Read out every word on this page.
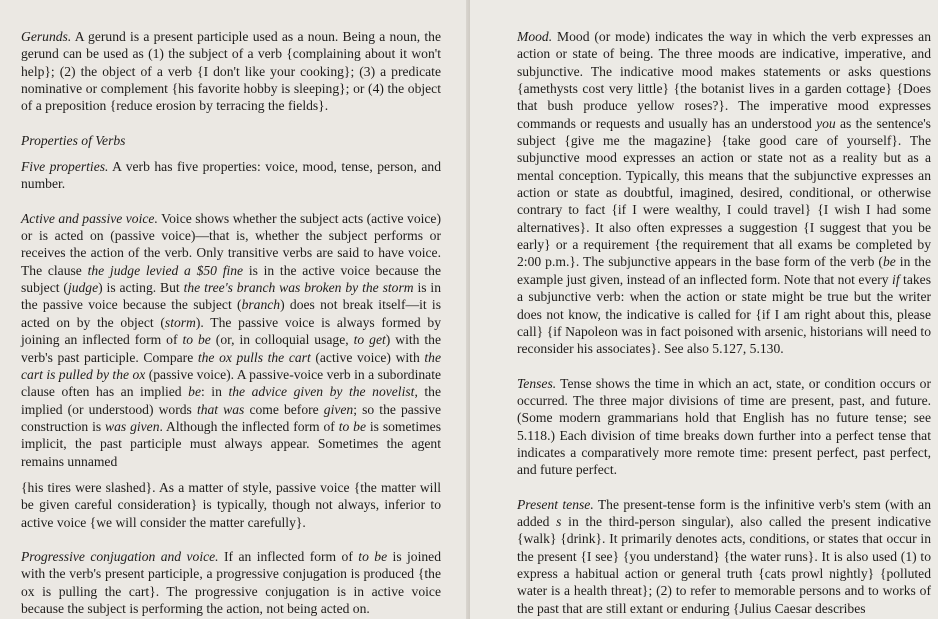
Gerunds. A gerund is a present participle used as a noun. Being a noun, the gerund can be used as (1) the subject of a verb {complaining about it won't help}; (2) the object of a verb {I don't like your cooking}; (3) a predicate nominative or complement {his favorite hobby is sleeping}; or (4) the object of a preposition {reduce erosion by terracing the fields}.

Properties of Verbs

Five properties. A verb has five properties: voice, mood, tense, person, and number.

Active and passive voice. Voice shows whether the subject acts (active voice) or is acted on (passive voice)—that is, whether the subject performs or receives the action of the verb. Only transitive verbs are said to have voice. The clause the judge levied a $50 fine is in the active voice because the subject (judge) is acting. But the tree's branch was broken by the storm is in the passive voice because the subject (branch) does not break itself—it is acted on by the object (storm). The passive voice is always formed by joining an inflected form of to be (or, in colloquial usage, to get) with the verb's past participle. Compare the ox pulls the cart (active voice) with the cart is pulled by the ox (passive voice). A passive-voice verb in a subordinate clause often has an implied be: in the advice given by the novelist, the implied (or understood) words that was come before given; so the passive construction is was given. Although the inflected form of to be is sometimes implicit, the past participle must always appear. Sometimes the agent remains unnamed

{his tires were slashed}. As a matter of style, passive voice {the matter will be given careful consideration} is typically, though not always, inferior to active voice {we will consider the matter carefully}.

Progressive conjugation and voice. If an inflected form of to be is joined with the verb's present participle, a progressive conjugation is produced {the ox is pulling the cart}. The progressive conjugation is in active voice because the subject is performing the action, not being acted on.

Mood. Mood (or mode) indicates the way in which the verb expresses an action or state of being. The three moods are indicative, imperative, and subjunctive. The indicative mood makes statements or asks questions {amethysts cost very little} {the botanist lives in a garden cottage} {Does that bush produce yellow roses?}. The imperative mood expresses commands or requests and usually has an understood you as the sentence's subject {give me the magazine} {take good care of yourself}. The subjunctive mood expresses an action or state not as a reality but as a mental conception. Typically, this means that the subjunctive expresses an action or state as doubtful, imagined, desired, conditional, or otherwise contrary to fact {if I were wealthy, I could travel} {I wish I had some alternatives}. It also often expresses a suggestion {I suggest that you be early} or a requirement {the requirement that all exams be completed by 2:00 p.m.}. The subjunctive appears in the base form of the verb (be in the example just given, instead of an inflected form. Note that not every if takes a subjunctive verb: when the action or state might be true but the writer does not know, the indicative is called for {if I am right about this, please call} {if Napoleon was in fact poisoned with arsenic, historians will need to reconsider his associates}. See also 5.127, 5.130.

Tenses. Tense shows the time in which an act, state, or condition occurs or occurred. The three major divisions of time are present, past, and future. (Some modern grammarians hold that English has no future tense; see 5.118.) Each division of time breaks down further into a perfect tense that indicates a comparatively more remote time: present perfect, past perfect, and future perfect.

Present tense. The present-tense form is the infinitive verb's stem (with an added s in the third-person singular), also called the present indicative {walk} {drink}. It primarily denotes acts, conditions, or states that occur in the present {I see} {you understand} {the water runs}. It is also used (1) to express a habitual action or general truth {cats prowl nightly} {polluted water is a health threat}; (2) to refer to memorable persons and to works of the past that are still extant or enduring {Julius Caesar describes
